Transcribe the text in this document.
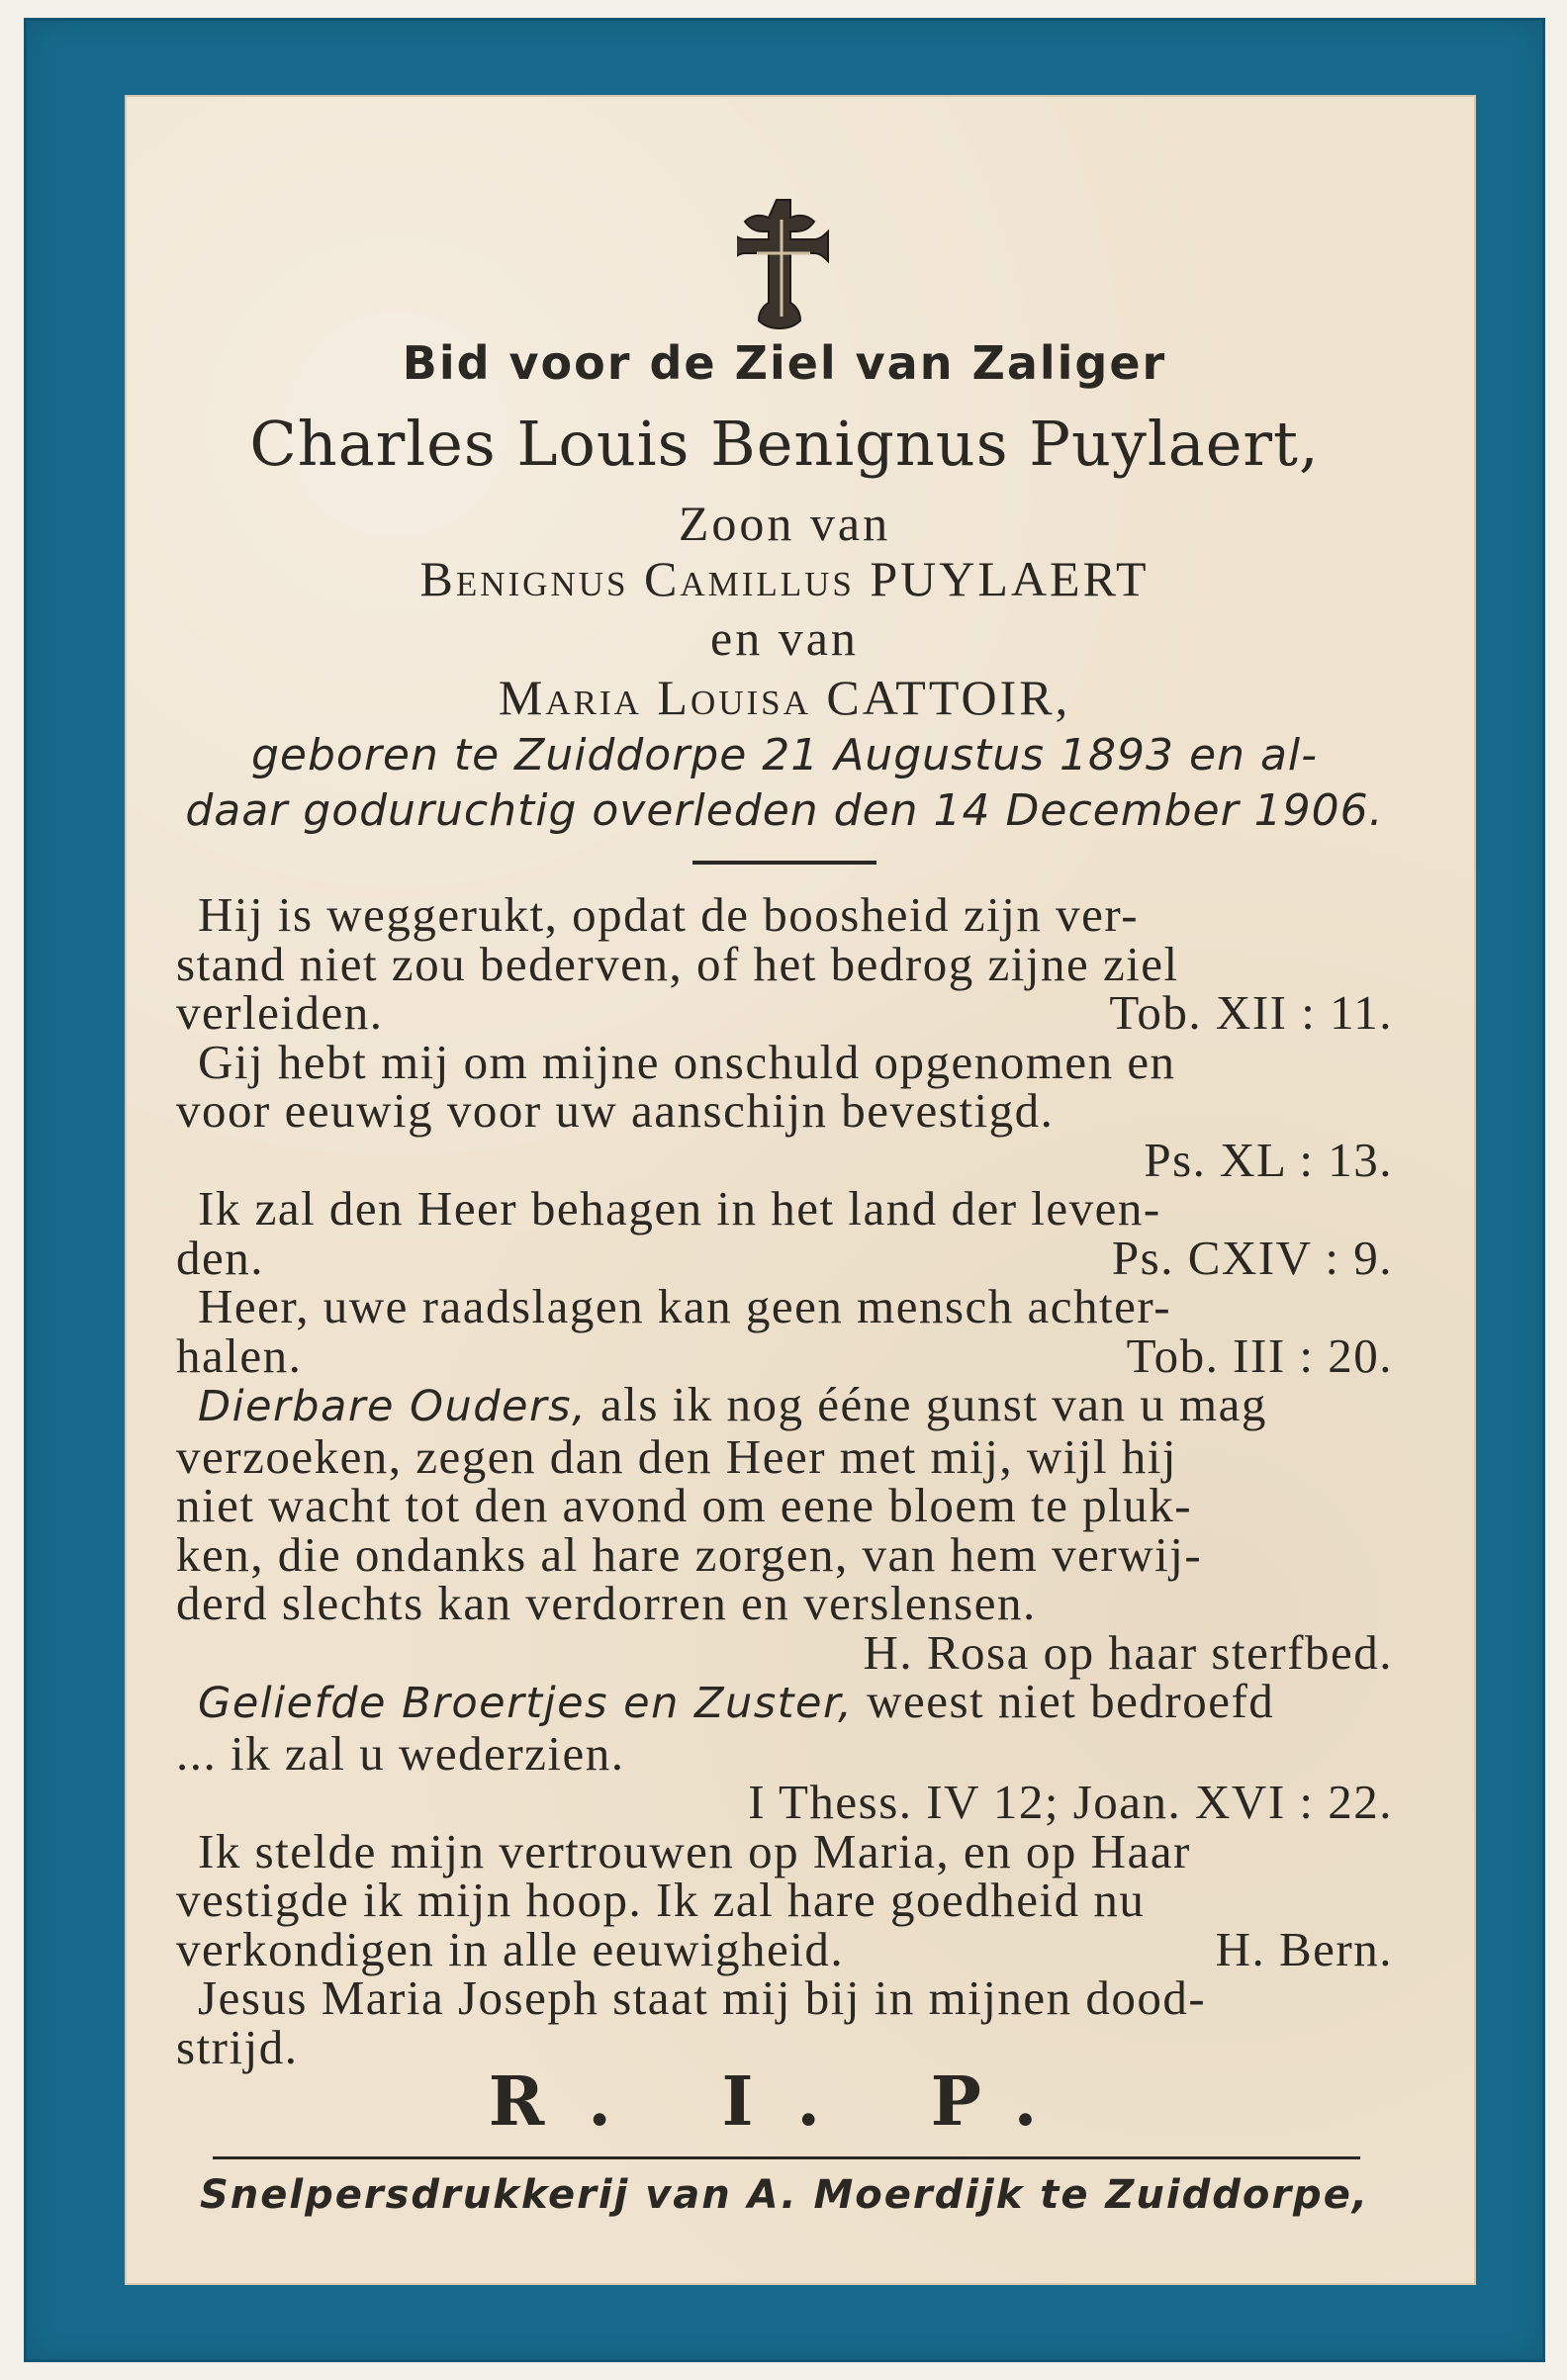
Bid voor de Ziel van Zaliger
Charles Louis Benignus Puylaert,
Zoon van
Benignus Camillus PUYLAERT
en van
Maria Louisa CATTOIR,
geboren te Zuiddorpe 21 Augustus 1893 en al-
daar goduruchtig overleden den 14 December 1906.
Hij is weggerukt, opdat de boosheid zijn ver-
stand niet zou bederven, of het bedrog zijne ziel
verleiden.	Tob. XII : 11.
Gij hebt mij om mijne onschuld opgenomen en
voor eeuwig voor uw aanschijn bevestigd.
Ps. XL : 13.
Ik zal den Heer behagen in het land der leven-
den.	Ps. CXIV : 9.
Heer, uwe raadslagen kan geen mensch achter-
halen.	Tob. III : 20.
Dierbare Ouders, als ik nog ééne gunst van u mag
verzoeken, zegen dan den Heer met mij, wijl hij
niet wacht tot den avond om eene bloem te pluk-
ken, die ondanks al hare zorgen, van hem verwij-
derd slechts kan verdorren en verslensen.
H. Rosa op haar sterfbed.
Geliefde Broertjes en Zuster, weest niet bedroefd
... ik zal u wederzien.
I Thess. IV 12; Joan. XVI : 22.
Ik stelde mijn vertrouwen op Maria, en op Haar
vestigde ik mijn hoop. Ik zal hare goedheid nu
verkondigen in alle eeuwigheid.	H. Bern.
Jesus Maria Joseph staat mij bij in mijnen dood-
strijd.
R. I. P.
Snelpersdrukkerij van A. Moerdijk te Zuiddorpe,
